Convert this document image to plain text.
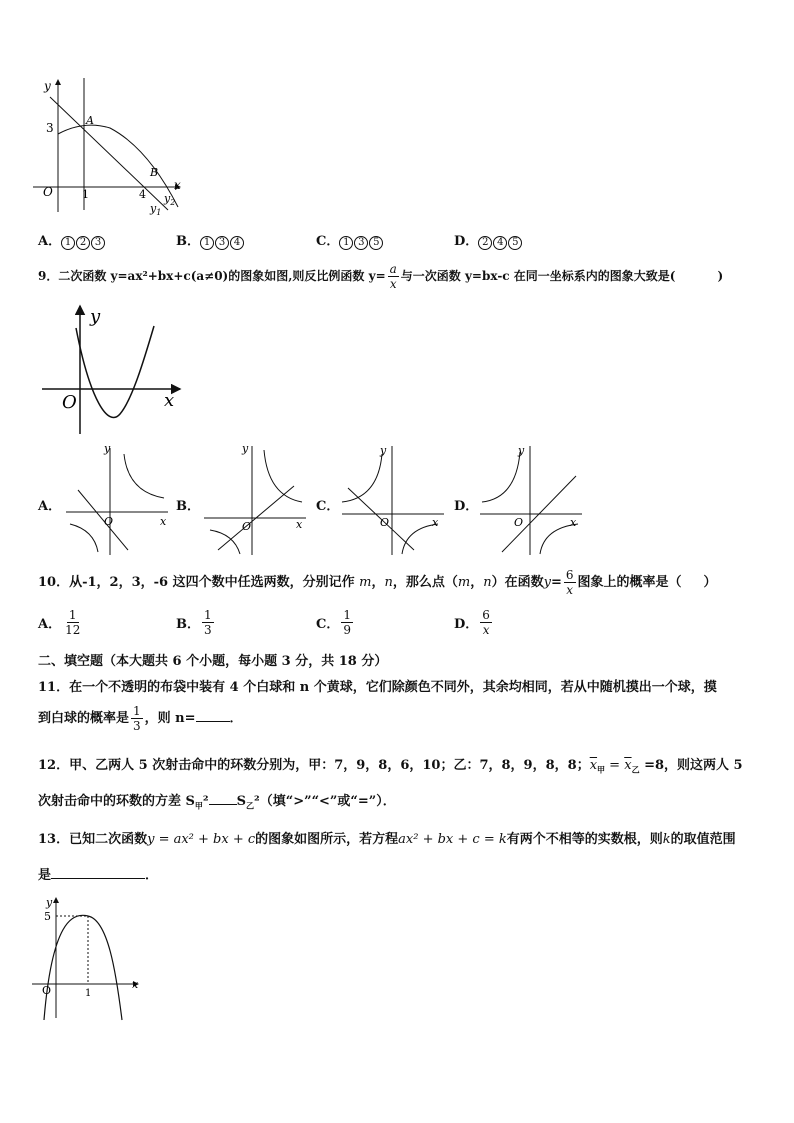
y
3
A
B
O	1	4
x
$y_2$
$y_1$
A． 1 2 3	B． 1 3 4	C． 1 3 5	D． 2 4 5
9．二次函数 y=ax²+bx+c(a≠0)的图象如图,则反比例函数 $y= \frac{a}{x}$ 与一次函数 y=bx-c 在同一坐标系内的图象大致是(	)
y
O	x
A．
y
O	x
B．
y
O	x
C．
y
O	x
D．
y
O	x
10．从-1，2，3，-6 这四个数中任选两数，分别记作 m，n，那么点（m，n）在函数$y= \frac{6}{x}$ 图象上的概率是（ ）
A． $\frac{1}{12}$	B． $\frac{1}{3}$	C． $\frac{1}{9}$	D． $\frac{6}{x}$
二、填空题（本大题共 6 个小题，每小题 3 分，共 18 分）
11．在一个不透明的布袋中装有 4 个白球和 n 个黄球，它们除颜色不同外，其余均相同，若从中随机摸出一个球，摸
到白球的概率是 $\frac{1}{3}$ ，则 n=	．
12．甲、乙两人 5 次射击命中的环数分别为，甲：7，9，8，6，10；乙：7，8，9，8，8；$\overline{x}_甲 = \overline{x}_乙 =8$，则这两人 5
次射击命中的环数的方差 $S_甲^2$ $S_乙^2$（填“>”“<”或“=”）．
13．已知二次函数y = ax² + bx + c的图象如图所示，若方程ax² + bx + c = k有两个不相等的实数根，则k的取值范围
是	．
y
5
O	1
x
